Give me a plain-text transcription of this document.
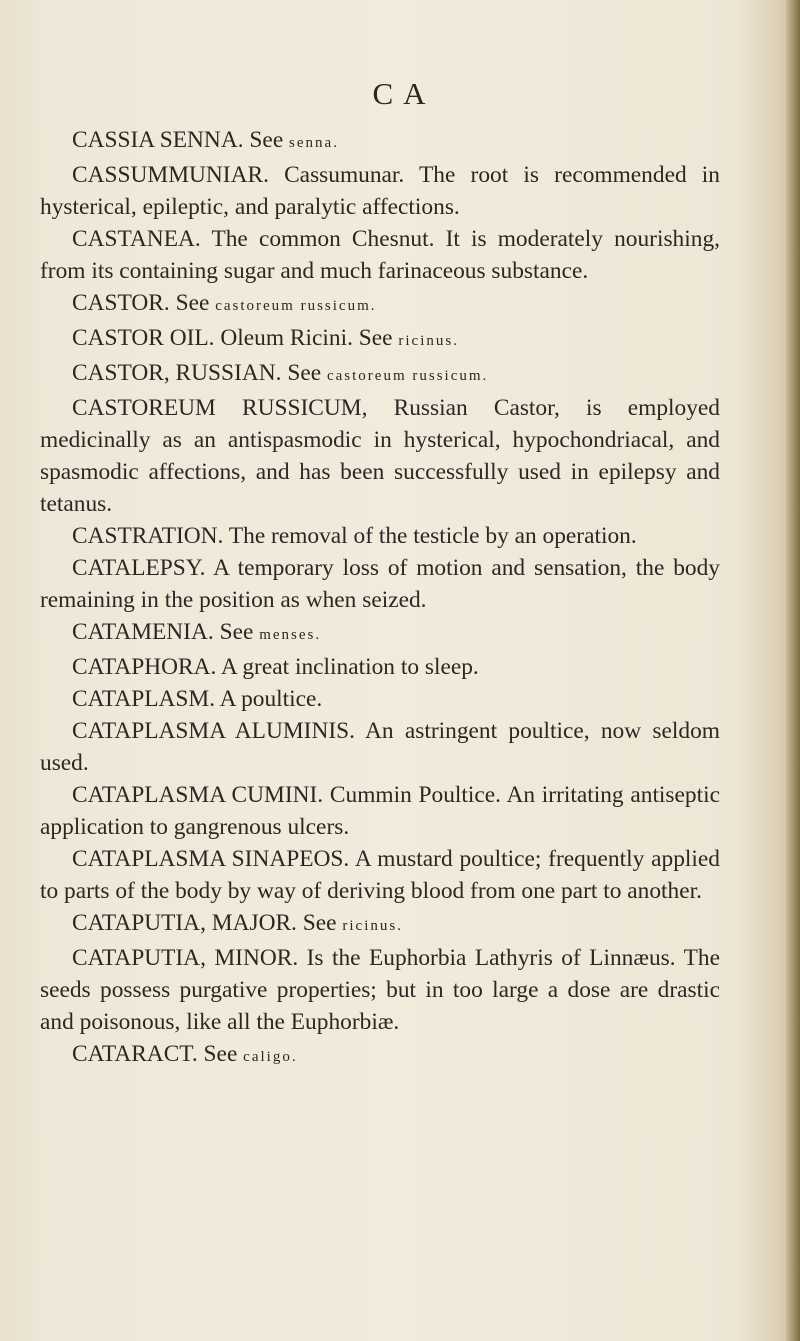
C A

CASSIA SENNA. See senna.

CASSUMMUNIAR. Cassumunar. The root is recommended in hysterical, epileptic, and paralytic affections.

CASTANEA. The common Chesnut. It is moderately nourishing, from its containing sugar and much farinaceous substance.

CASTOR. See castoreum russicum.

CASTOR OIL. Oleum Ricini. See ricinus.

CASTOR, RUSSIAN. See castoreum russicum.

CASTOREUM RUSSICUM, Russian Castor, is employed medicinally as an antispasmodic in hysterical, hypochondriacal, and spasmodic affections, and has been successfully used in epilepsy and tetanus.

CASTRATION. The removal of the testicle by an operation.

CATALEPSY. A temporary loss of motion and sensation, the body remaining in the position as when seized.

CATAMENIA. See menses.

CATAPHORA. A great inclination to sleep.

CATAPLASM. A poultice.

CATAPLASMA ALUMINIS. An astringent poultice, now seldom used.

CATAPLASMA CUMINI. Cummin Poultice. An irritating antiseptic application to gangrenous ulcers.

CATAPLASMA SINAPEOS. A mustard poultice; frequently applied to parts of the body by way of deriving blood from one part to another.

CATAPUTIA, MAJOR. See ricinus.

CATAPUTIA, MINOR. Is the Euphorbia Lathyris of Linnæus. The seeds possess purgative properties; but in too large a dose are drastic and poisonous, like all the Euphorbiæ.

CATARACT. See caligo.
